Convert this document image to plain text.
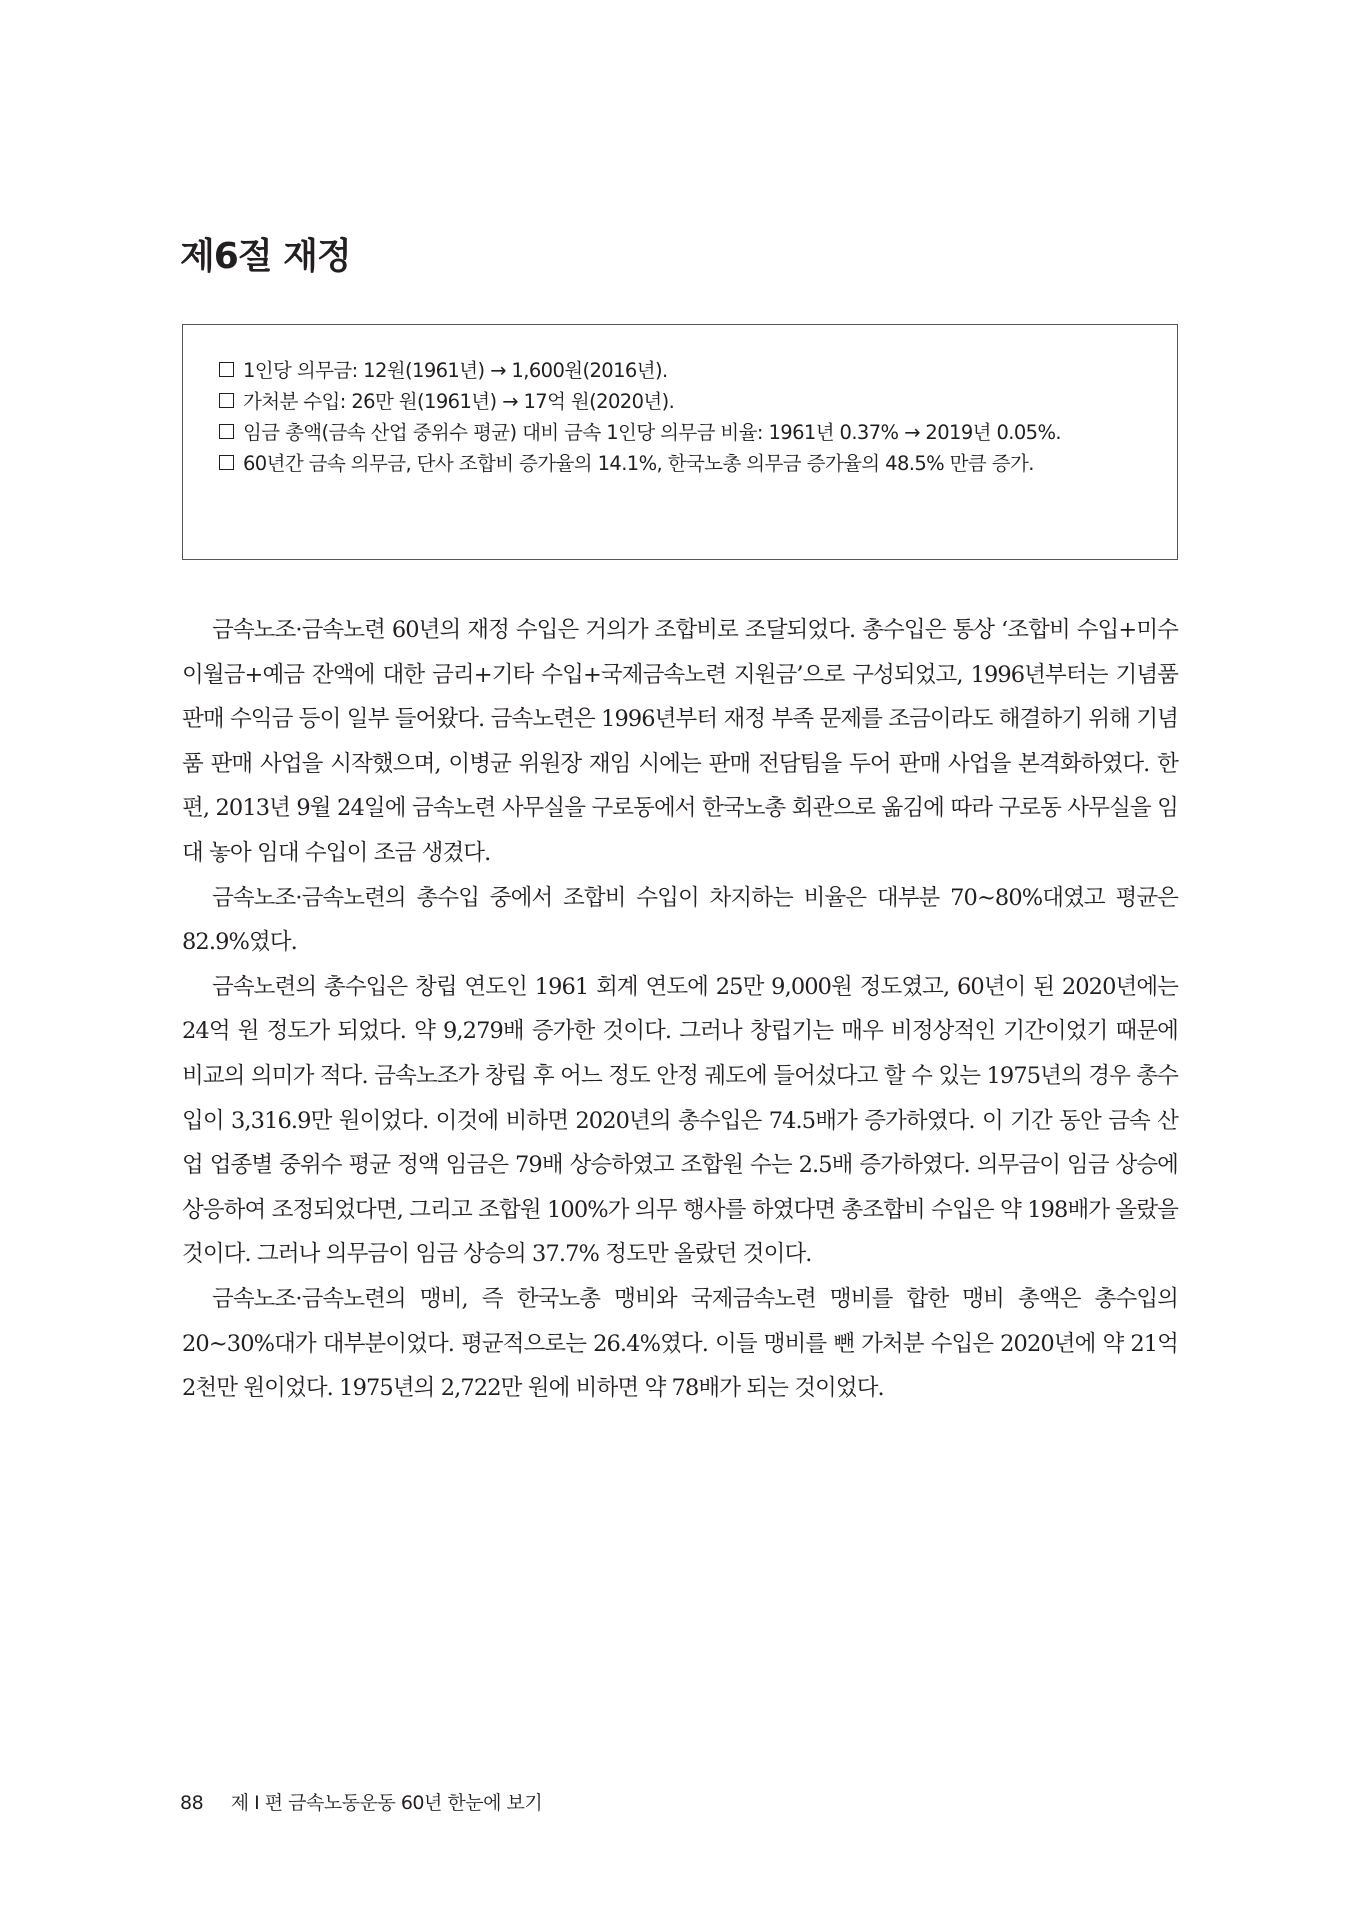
제6절 재정
1인당 의무금: 12원(1961년) → 1,600원(2016년).
가처분 수입: 26만 원(1961년) → 17억 원(2020년).
임금 총액(금속 산업 중위수 평균) 대비 금속 1인당 의무금 비율: 1961년 0.37% → 2019년 0.05%.
60년간 금속 의무금, 단사 조합비 증가율의 14.1%, 한국노총 의무금 증가율의 48.5% 만큼 증가.

금속노조·금속노련 60년의 재정 수입은 거의가 조합비로 조달되었다. 총수입은 통상 ‘조합비 수입+미수이월금+예금 잔액에 대한 금리+기타 수입+국제금속노련 지원금’으로 구성되었고, 1996년부터는 기념품 판매 수익금 등이 일부 들어왔다. 금속노련은 1996년부터 재정 부족 문제를 조금이라도 해결하기 위해 기념품 판매 사업을 시작했으며, 이병균 위원장 재임 시에는 판매 전담팀을 두어 판매 사업을 본격화하였다. 한편, 2013년 9월 24일에 금속노련 사무실을 구로동에서 한국노총 회관으로 옮김에 따라 구로동 사무실을 임대 놓아 임대 수입이 조금 생겼다.

금속노조·금속노련의 총수입 중에서 조합비 수입이 차지하는 비율은 대부분 70~80%대였고 평균은 82.9%였다.

금속노련의 총수입은 창립 연도인 1961 회계 연도에 25만 9,000원 정도였고, 60년이 된 2020년에는 24억 원 정도가 되었다. 약 9,279배 증가한 것이다. 그러나 창립기는 매우 비정상적인 기간이었기 때문에 비교의 의미가 적다. 금속노조가 창립 후 어느 정도 안정 궤도에 들어섰다고 할 수 있는 1975년의 경우 총수입이 3,316.9만 원이었다. 이것에 비하면 2020년의 총수입은 74.5배가 증가하였다. 이 기간 동안 금속 산업 업종별 중위수 평균 정액 임금은 79배 상승하였고 조합원 수는 2.5배 증가하였다. 의무금이 임금 상승에 상응하여 조정되었다면, 그리고 조합원 100%가 의무 행사를 하였다면 총조합비 수입은 약 198배가 올랐을 것이다. 그러나 의무금이 임금 상승의 37.7% 정도만 올랐던 것이다.

금속노조·금속노련의 맹비, 즉 한국노총 맹비와 국제금속노련 맹비를 합한 맹비 총액은 총수입의 20~30%대가 대부분이었다. 평균적으로는 26.4%였다. 이들 맹비를 뺀 가처분 수입은 2020년에 약 21억 2천만 원이었다. 1975년의 2,722만 원에 비하면 약 78배가 되는 것이었다.

88 제 I 편 금속노동운동 60년 한눈에 보기
